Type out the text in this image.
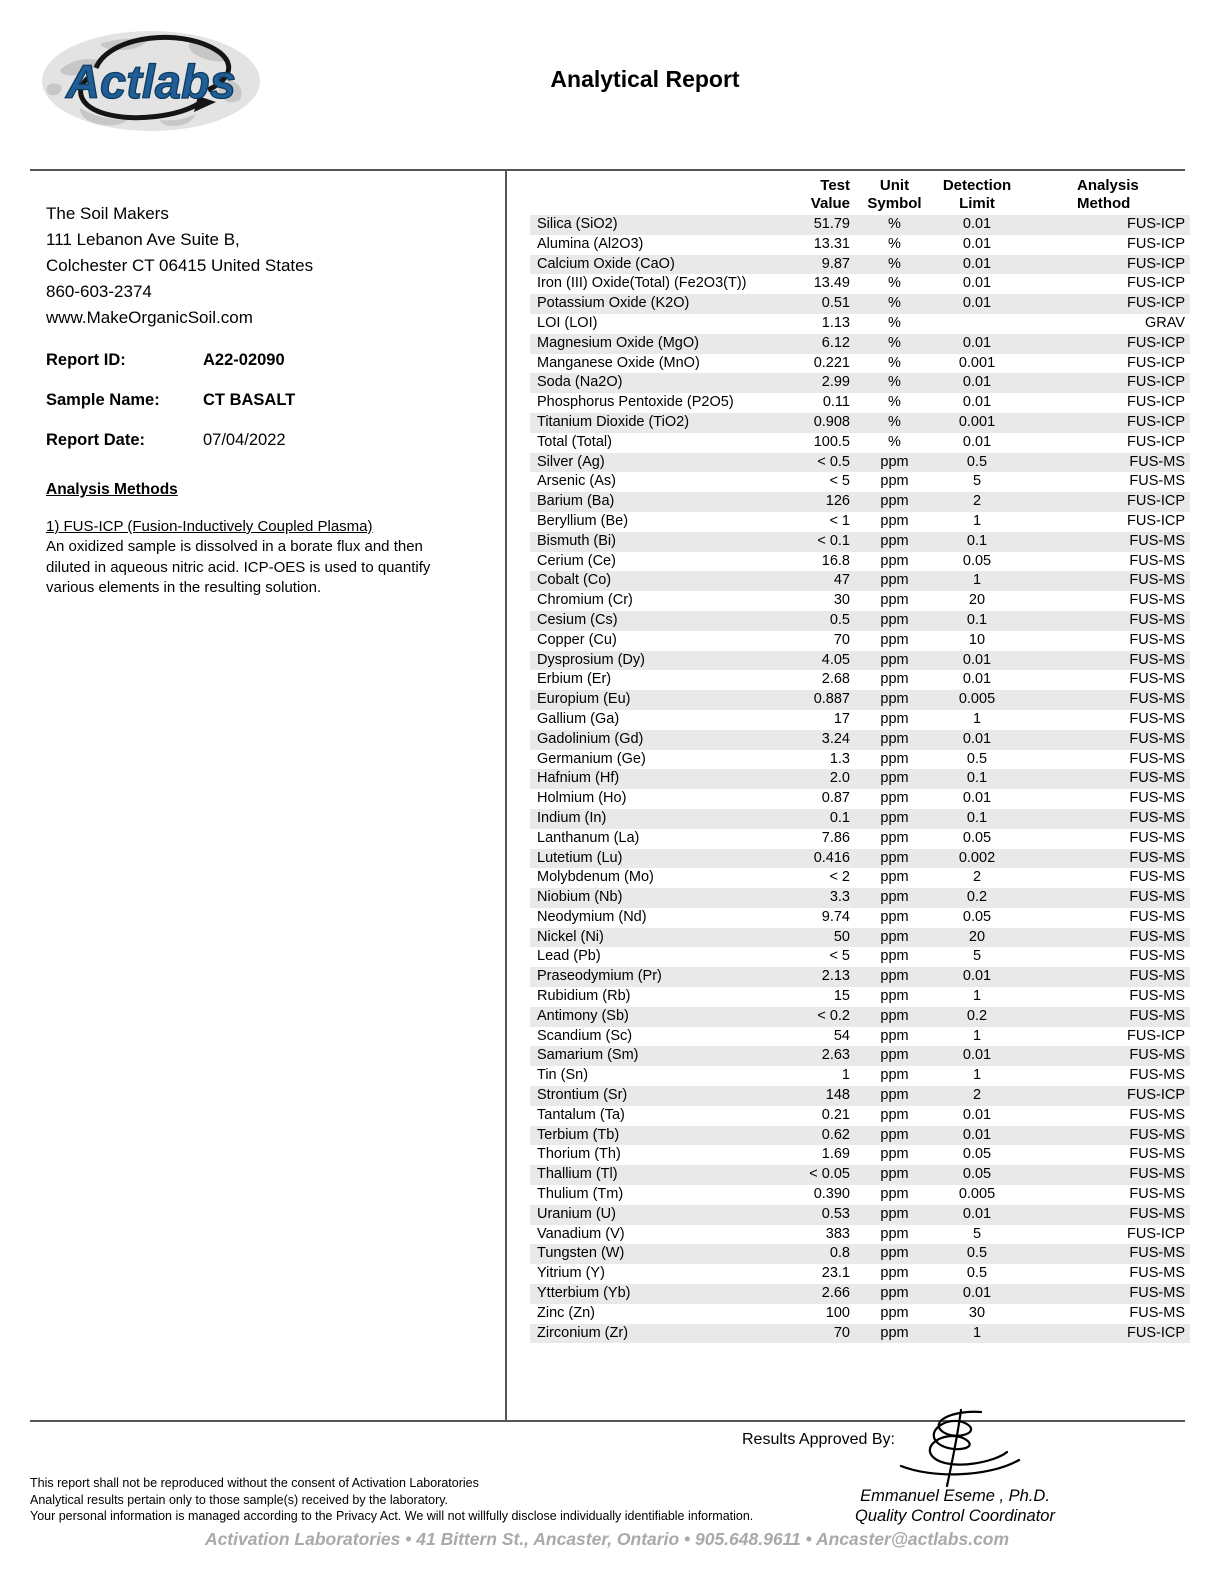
Actlabs	Analytical Report
The Soil Makers
111 Lebanon Ave Suite B,
Colchester CT 06415 United States
860-603-2374
www.MakeOrganicSoil.com
Report ID:	A22-02090
Sample Name:	CT BASALT
Report Date:	07/04/2022
Analysis Methods
1) FUS-ICP (Fusion-Inductively Coupled Plasma)
An oxidized sample is dissolved in a borate flux and then
diluted in aqueous nitric acid. ICP-OES is used to quantify
various elements in the resulting solution.

Test
Value

Unit
Symbol

Detection
Limit

Analysis
Method

Silica (SiO2)	51.79	%	0.01	FUS-ICP
Alumina (Al2O3)	13.31	%	0.01	FUS-ICP
Calcium Oxide (CaO)	9.87	%	0.01	FUS-ICP
Iron (III) Oxide(Total) (Fe2O3(T))	13.49	%	0.01	FUS-ICP
Potassium Oxide (K2O)	0.51	%	0.01	FUS-ICP
LOI (LOI)	1.13	%		GRAV
Magnesium Oxide (MgO)	6.12	%	0.01	FUS-ICP
Manganese Oxide (MnO)	0.221	%	0.001	FUS-ICP
Soda (Na2O)	2.99	%	0.01	FUS-ICP
Phosphorus Pentoxide (P2O5)	0.11	%	0.01	FUS-ICP
Titanium Dioxide (TiO2)	0.908	%	0.001	FUS-ICP
Total (Total)	100.5	%	0.01	FUS-ICP
Silver (Ag)	< 0.5	ppm	0.5	FUS-MS
Arsenic (As)	< 5	ppm	5	FUS-MS
Barium (Ba)	126	ppm	2	FUS-ICP
Beryllium (Be)	< 1	ppm	1	FUS-ICP
Bismuth (Bi)	< 0.1	ppm	0.1	FUS-MS
Cerium (Ce)	16.8	ppm	0.05	FUS-MS
Cobalt (Co)	47	ppm	1	FUS-MS
Chromium (Cr)	30	ppm	20	FUS-MS
Cesium (Cs)	0.5	ppm	0.1	FUS-MS
Copper (Cu)	70	ppm	10	FUS-MS
Dysprosium (Dy)	4.05	ppm	0.01	FUS-MS
Erbium (Er)	2.68	ppm	0.01	FUS-MS
Europium (Eu)	0.887	ppm	0.005	FUS-MS
Gallium (Ga)	17	ppm	1	FUS-MS
Gadolinium (Gd)	3.24	ppm	0.01	FUS-MS
Germanium (Ge)	1.3	ppm	0.5	FUS-MS
Hafnium (Hf)	2.0	ppm	0.1	FUS-MS
Holmium (Ho)	0.87	ppm	0.01	FUS-MS
Indium (In)	0.1	ppm	0.1	FUS-MS
Lanthanum (La)	7.86	ppm	0.05	FUS-MS
Lutetium (Lu)	0.416	ppm	0.002	FUS-MS
Molybdenum (Mo)	< 2	ppm	2	FUS-MS
Niobium (Nb)	3.3	ppm	0.2	FUS-MS
Neodymium (Nd)	9.74	ppm	0.05	FUS-MS
Nickel (Ni)	50	ppm	20	FUS-MS
Lead (Pb)	< 5	ppm	5	FUS-MS
Praseodymium (Pr)	2.13	ppm	0.01	FUS-MS
Rubidium (Rb)	15	ppm	1	FUS-MS
Antimony (Sb)	< 0.2	ppm	0.2	FUS-MS
Scandium (Sc)	54	ppm	1	FUS-ICP
Samarium (Sm)	2.63	ppm	0.01	FUS-MS
Tin (Sn)	1	ppm	1	FUS-MS
Strontium (Sr)	148	ppm	2	FUS-ICP
Tantalum (Ta)	0.21	ppm	0.01	FUS-MS
Terbium (Tb)	0.62	ppm	0.01	FUS-MS
Thorium (Th)	1.69	ppm	0.05	FUS-MS
Thallium (Tl)	< 0.05	ppm	0.05	FUS-MS
Thulium (Tm)	0.390	ppm	0.005	FUS-MS
Uranium (U)	0.53	ppm	0.01	FUS-MS
Vanadium (V)	383	ppm	5	FUS-ICP
Tungsten (W)	0.8	ppm	0.5	FUS-MS
Yitrium (Y)	23.1	ppm	0.5	FUS-MS
Ytterbium (Yb)	2.66	ppm	0.01	FUS-MS
Zinc (Zn)	100	ppm	30	FUS-MS
Zirconium (Zr)	70	ppm	1	FUS-ICP
Results Approved By:
Emmanuel Eseme , Ph.D.
Quality Control Coordinator
This report shall not be reproduced without the consent of Activation Laboratories
Analytical results pertain only to those sample(s) received by the laboratory.
Your personal information is managed according to the Privacy Act. We will not willfully disclose individually identifiable information.
Activation Laboratories • 41 Bittern St., Ancaster, Ontario • 905.648.9611 • Ancaster@actlabs.com
